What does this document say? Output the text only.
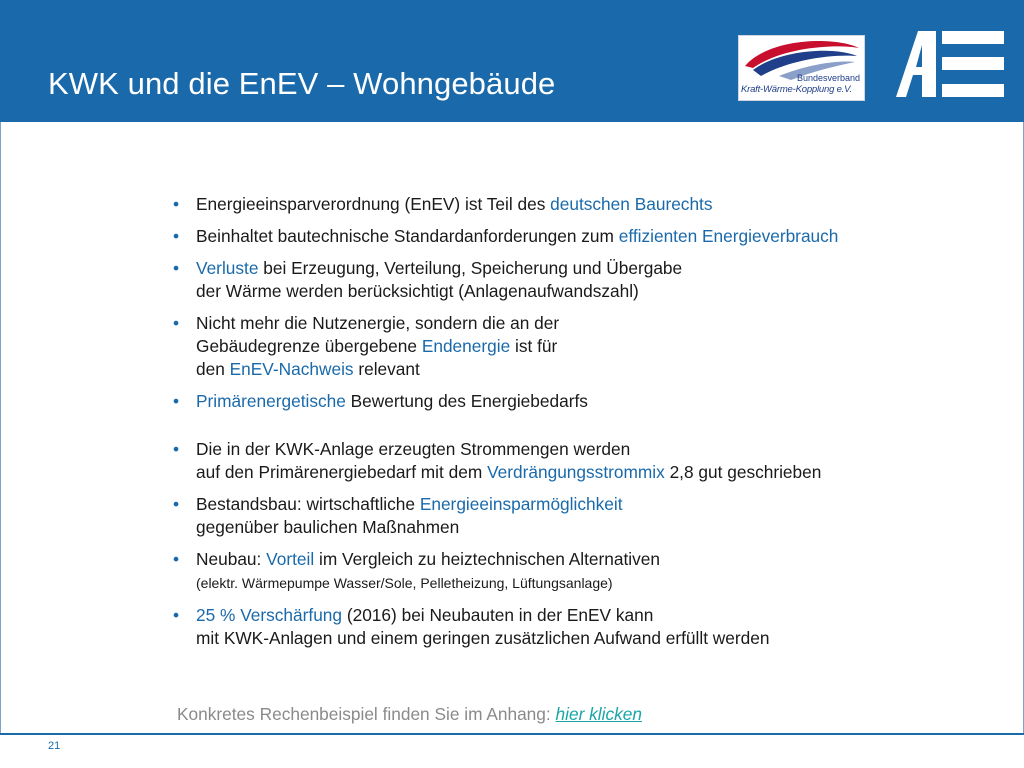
KWK und die EnEV – Wohngebäude	Bundesverband
Kraft-Wärme-Kopplung e.V.
• Energieeinsparverordnung (EnEV) ist Teil des deutschen Baurechts
• Beinhaltet bautechnische Standardanforderungen zum effizienten Energieverbrauch
• Verluste bei Erzeugung, Verteilung, Speicherung und Übergabe
der Wärme werden berücksichtigt (Anlagenaufwandszahl)
• Nicht mehr die Nutzenergie, sondern die an der
Gebäudegrenze übergebene Endenergie ist für
den EnEV-Nachweis relevant
• Primärenergetische Bewertung des Energiebedarfs
• Die in der KWK-Anlage erzeugten Strommengen werden
auf den Primärenergiebedarf mit dem Verdrängungsstrommix 2,8 gut geschrieben
• Bestandsbau: wirtschaftliche Energieeinsparmöglichkeit
gegenüber baulichen Maßnahmen
• Neubau: Vorteil im Vergleich zu heiztechnischen Alternativen
(elektr. Wärmepumpe Wasser/Sole, Pelletheizung, Lüftungsanlage)
• 25 % Verschärfung (2016) bei Neubauten in der EnEV kann
mit KWK-Anlagen und einem geringen zusätzlichen Aufwand erfüllt werden
Konkretes Rechenbeispiel finden Sie im Anhang: hier klicken
21
